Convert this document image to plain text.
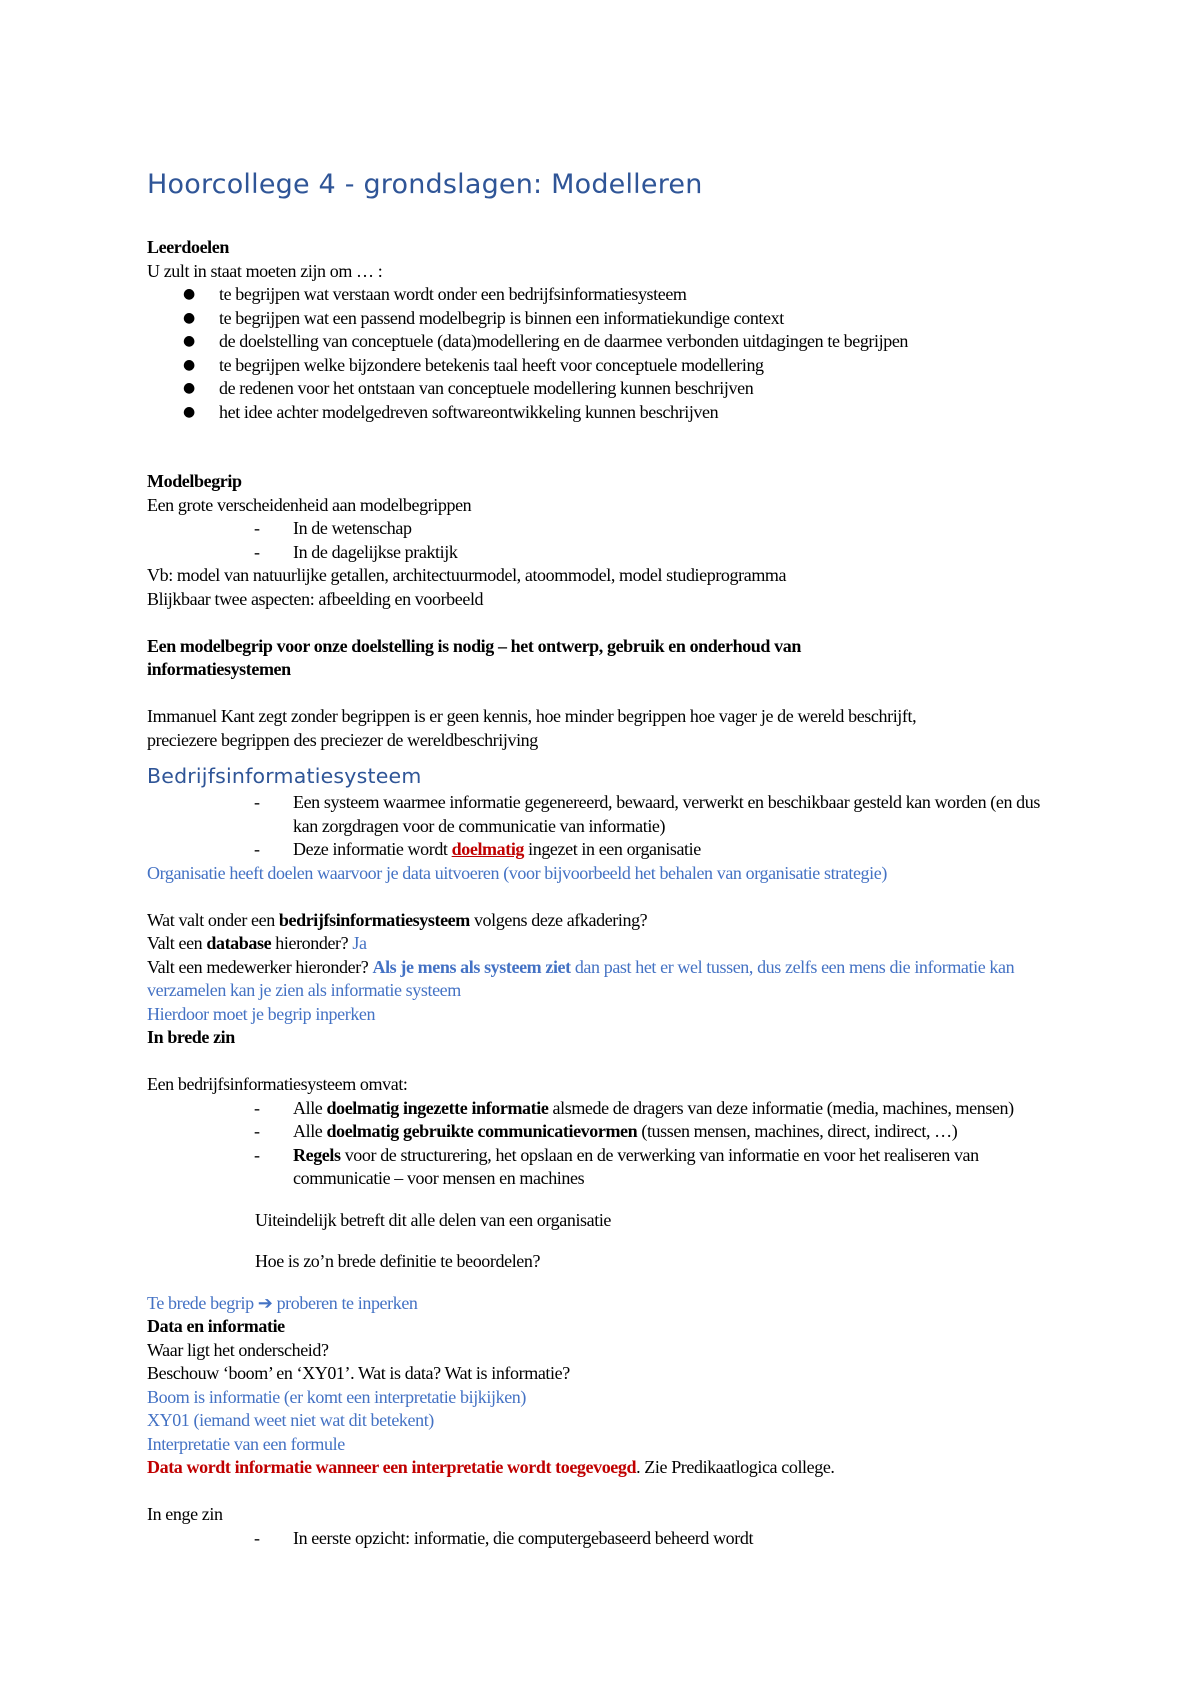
Hoorcollege 4 - grondslagen: Modelleren

Leerdoelen

U zult in staat moeten zijn om … :

● te begrijpen wat verstaan wordt onder een bedrijfsinformatiesysteem
● te begrijpen wat een passend modelbegrip is binnen een informatiekundige context
● de doelstelling van conceptuele (data)modellering en de daarmee verbonden uitdagingen te begrijpen
● te begrijpen welke bijzondere betekenis taal heeft voor conceptuele modellering
● de redenen voor het ontstaan van conceptuele modellering kunnen beschrijven
● het idee achter modelgedreven softwareontwikkeling kunnen beschrijven

Modelbegrip

Een grote verscheidenheid aan modelbegrippen

- In de wetenschap
- In de dagelijkse praktijk

Vb: model van natuurlijke getallen, architectuurmodel, atoommodel, model studieprogramma

Blijkbaar twee aspecten: afbeelding en voorbeeld

Een modelbegrip voor onze doelstelling is nodig – het ontwerp, gebruik en onderhoud van informatiesystemen

Immanuel Kant zegt zonder begrippen is er geen kennis, hoe minder begrippen hoe vager je de wereld beschrijft, preciezere begrippen des preciezer de wereldbeschrijving

Bedrijfsinformatiesysteem
- Een systeem waarmee informatie gegenereerd, bewaard, verwerkt en beschikbaar gesteld kan worden (en dus kan zorgdragen voor de communicatie van informatie)
- Deze informatie wordt doelmatig ingezet in een organisatie

Organisatie heeft doelen waarvoor je data uitvoeren (voor bijvoorbeeld het behalen van organisatie strategie)

Wat valt onder een bedrijfsinformatiesysteem volgens deze afkadering?

Valt een database hieronder? Ja

Valt een medewerker hieronder? Als je mens als systeem ziet dan past het er wel tussen, dus zelfs een mens die informatie kan verzamelen kan je zien als informatie systeem

Hierdoor moet je begrip inperken

In brede zin

Een bedrijfsinformatiesysteem omvat:

- Alle doelmatig ingezette informatie alsmede de dragers van deze informatie (media, machines, mensen)
- Alle doelmatig gebruikte communicatievormen (tussen mensen, machines, direct, indirect, …)
- Regels voor de structurering, het opslaan en de verwerking van informatie en voor het realiseren van communicatie – voor mensen en machines

Uiteindelijk betreft dit alle delen van een organisatie

Hoe is zo’n brede definitie te beoordelen?

Te brede begrip ➔ proberen te inperken

Data en informatie

Waar ligt het onderscheid?

Beschouw ‘boom’ en ‘XY01’. Wat is data? Wat is informatie?

Boom is informatie (er komt een interpretatie bijkijken)

XY01 (iemand weet niet wat dit betekent)

Interpretatie van een formule

Data wordt informatie wanneer een interpretatie wordt toegevoegd. Zie Predikaatlogica college.

In enge zin

- In eerste opzicht: informatie, die computergebaseerd beheerd wordt
